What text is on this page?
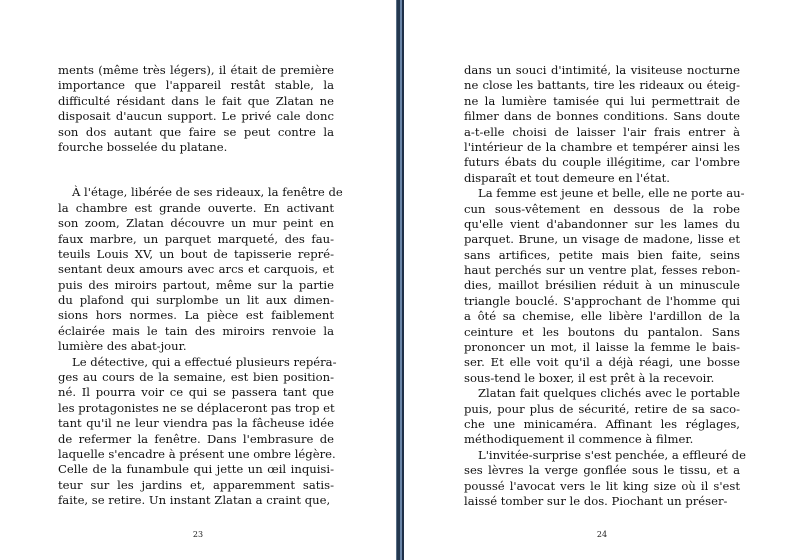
ments (même très légers), il était de première
importance que l'appareil restât stable, la
difficulté résidant dans le fait que Zlatan ne
disposait d'aucun support. Le privé cale donc
son dos autant que faire se peut contre la
fourche bosselée du platane.
À l'étage, libérée de ses rideaux, la fenêtre de
la chambre est grande ouverte. En activant
son zoom, Zlatan découvre un mur peint en
faux marbre, un parquet marqueté, des fau-
teuils Louis XV, un bout de tapisserie repré-
sentant deux amours avec arcs et carquois, et
puis des miroirs partout, même sur la partie
du plafond qui surplombe un lit aux dimen-
sions hors normes. La pièce est faiblement
éclairée mais le tain des miroirs renvoie la
lumière des abat-jour.
Le détective, qui a effectué plusieurs repéra-
ges au cours de la semaine, est bien position-
né. Il pourra voir ce qui se passera tant que
les protagonistes ne se déplaceront pas trop et
tant qu'il ne leur viendra pas la fâcheuse idée
de refermer la fenêtre. Dans l'embrasure de
laquelle s'encadre à présent une ombre légère.
Celle de la funambule qui jette un œil inquisi-
teur sur les jardins et, apparemment satis-
faite, se retire. Un instant Zlatan a craint que,
23
dans un souci d'intimité, la visiteuse nocturne
ne close les battants, tire les rideaux ou éteig-
ne la lumière tamisée qui lui permettrait de
filmer dans de bonnes conditions. Sans doute
a-t-elle choisi de laisser l'air frais entrer à
l'intérieur de la chambre et tempérer ainsi les
futurs ébats du couple illégitime, car l'ombre
disparaît et tout demeure en l'état.
La femme est jeune et belle, elle ne porte au-
cun sous-vêtement en dessous de la robe
qu'elle vient d'abandonner sur les lames du
parquet. Brune, un visage de madone, lisse et
sans artifices, petite mais bien faite, seins
haut perchés sur un ventre plat, fesses rebon-
dies, maillot brésilien réduit à un minuscule
triangle bouclé. S'approchant de l'homme qui
a ôté sa chemise, elle libère l'ardillon de la
ceinture et les boutons du pantalon. Sans
prononcer un mot, il laisse la femme le bais-
ser. Et elle voit qu'il a déjà réagi, une bosse
sous-tend le boxer, il est prêt à la recevoir.
Zlatan fait quelques clichés avec le portable
puis, pour plus de sécurité, retire de sa saco-
che une minicaméra. Affinant les réglages,
méthodiquement il commence à filmer.
L'invitée-surprise s'est penchée, a effleuré de
ses lèvres la verge gonflée sous le tissu, et a
poussé l'avocat vers le lit king size où il s'est
laissé tomber sur le dos. Piochant un préser-
24
